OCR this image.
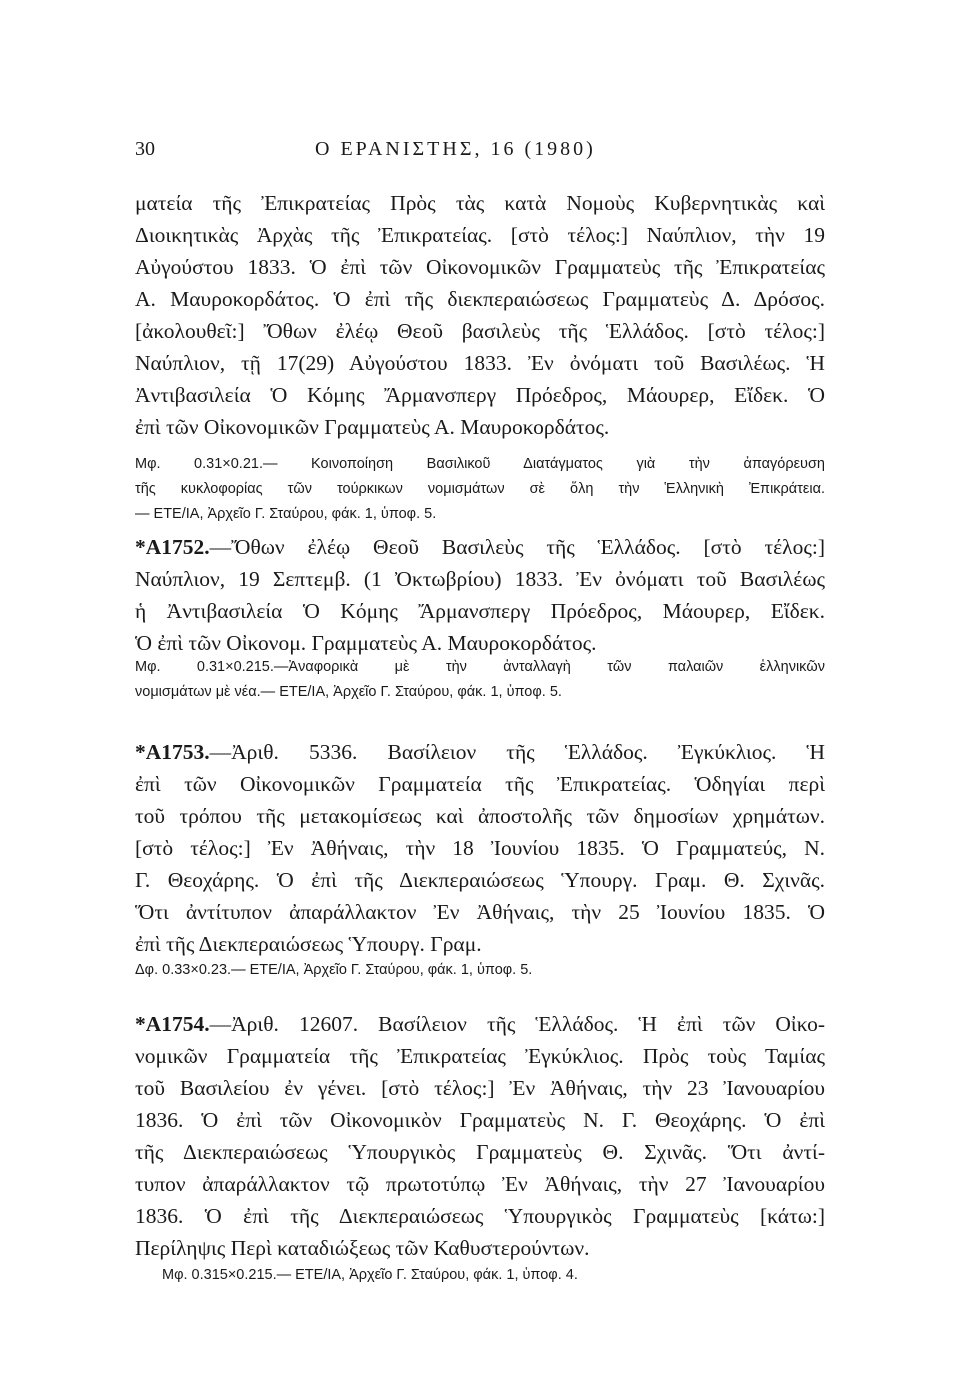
30	Ο ΕΡΑΝΙΣΤΗΣ, 16 (1980)
ματεία τῆς Ἐπικρατείας Πρὸς τὰς κατὰ Νομοὺς Κυβερνητικὰς καὶ
Διοικητικὰς Ἀρχὰς τῆς Ἐπικρατείας. [στὸ τέλος:] Ναύπλιον, τὴν 19
Αὐγούστου 1833. Ὁ ἐπὶ τῶν Οἰκονομικῶν Γραμματεὺς τῆς Ἐπικρατείας
Α. Μαυροκορδάτος. Ὁ ἐπὶ τῆς διεκπεραιώσεως Γραμματεὺς Δ. Δρόσος.
[ἀκολουθεῖ:] Ὄθων ἐλέῳ Θεοῦ βασιλεὺς τῆς Ἑλλάδος. [στὸ τέλος:]
Ναύπλιον, τῇ 17(29) Αὐγούστου 1833. Ἐν ὀνόματι τοῦ Βασιλέως. Ἡ
Ἀντιβασιλεία Ὁ Κόμης Ἄρμανσπεργ Πρόεδρος, Μάουρερ, Εἴδεκ. Ὁ
ἐπὶ τῶν Οἰκονομικῶν Γραμματεὺς Α. Μαυροκορδάτος.
Μφ. 0.31×0.21.— Κοινοποίηση Βασιλικοῦ Διατάγματος γιὰ τὴν ἀπαγόρευση
τῆς κυκλοφορίας τῶν τούρκικων νομισμάτων σὲ ὅλη τὴν Ἑλληνικὴ Ἐπικράτεια.
— ΕΤΕ/ΙΑ, Ἀρχεῖο Γ. Σταύρου, φάκ. 1, ὑποφ. 5.
*Α1752.—Ὄθων ἐλέῳ Θεοῦ Βασιλεὺς τῆς Ἑλλάδος. [στὸ τέλος:]
Ναύπλιον, 19 Σεπτεμβ. (1 Ὀκτωβρίου) 1833. Ἐν ὀνόματι τοῦ Βασιλέως
ἡ Ἀντιβασιλεία Ὁ Κόμης Ἄρμανσπεργ Πρόεδρος, Μάουρερ, Εἴδεκ.
Ὁ ἐπὶ τῶν Οἰκονομ. Γραμματεὺς Α. Μαυροκορδάτος.
Μφ. 0.31×0.215.—Ἀναφορικὰ μὲ τὴν ἀνταλλαγὴ τῶν παλαιῶν ἑλληνικῶν
νομισμάτων μὲ νέα.— ΕΤΕ/ΙΑ, Ἀρχεῖο Γ. Σταύρου, φάκ. 1, ὑποφ. 5.
*Α1753.—Ἀριθ. 5336. Βασίλειον τῆς Ἑλλάδος. Ἐγκύκλιος. Ἡ
ἐπὶ τῶν Οἰκονομικῶν Γραμματεία τῆς Ἐπικρατείας. Ὁδηγίαι περὶ
τοῦ τρόπου τῆς μετακομίσεως καὶ ἀποστολῆς τῶν δημοσίων χρημάτων.
[στὸ τέλος:] Ἐν Ἀθήναις, τὴν 18 Ἰουνίου 1835. Ὁ Γραμματεύς, Ν.
Γ. Θεοχάρης. Ὁ ἐπὶ τῆς Διεκπεραιώσεως Ὑπουργ. Γραμ. Θ. Σχινᾶς.
Ὅτι ἀντίτυπον ἀπαράλλακτον Ἐν Ἀθήναις, τὴν 25 Ἰουνίου 1835. Ὁ
ἐπὶ τῆς Διεκπεραιώσεως Ὑπουργ. Γραμ.
Δφ. 0.33×0.23.— ΕΤΕ/ΙΑ, Ἀρχεῖο Γ. Σταύρου, φάκ. 1, ὑποφ. 5.
*Α1754.—Ἀριθ. 12607. Βασίλειον τῆς Ἑλλάδος. Ἡ ἐπὶ τῶν Οἰκο-
νομικῶν Γραμματεία τῆς Ἐπικρατείας Ἐγκύκλιος. Πρὸς τοὺς Ταμίας
τοῦ Βασιλείου ἐν γένει. [στὸ τέλος:] Ἐν Ἀθήναις, τὴν 23 Ἰανουαρίου
1836. Ὁ ἐπὶ τῶν Οἰκονομικὸν Γραμματεὺς Ν. Γ. Θεοχάρης. Ὁ ἐπὶ
τῆς Διεκπεραιώσεως Ὑπουργικὸς Γραμματεὺς Θ. Σχινᾶς. Ὅτι ἀντί-
τυπον ἀπαράλλακτον τῷ πρωτοτύπῳ Ἐν Ἀθήναις, τὴν 27 Ἰανουαρίου
1836. Ὁ ἐπὶ τῆς Διεκπεραιώσεως Ὑπουργικὸς Γραμματεὺς [κάτω:]
Περίληψις Περὶ καταδιώξεως τῶν Καθυστερούντων.
Μφ. 0.315×0.215.— ΕΤΕ/ΙΑ, Ἀρχεῖο Γ. Σταύρου, φάκ. 1, ὑποφ. 4.
